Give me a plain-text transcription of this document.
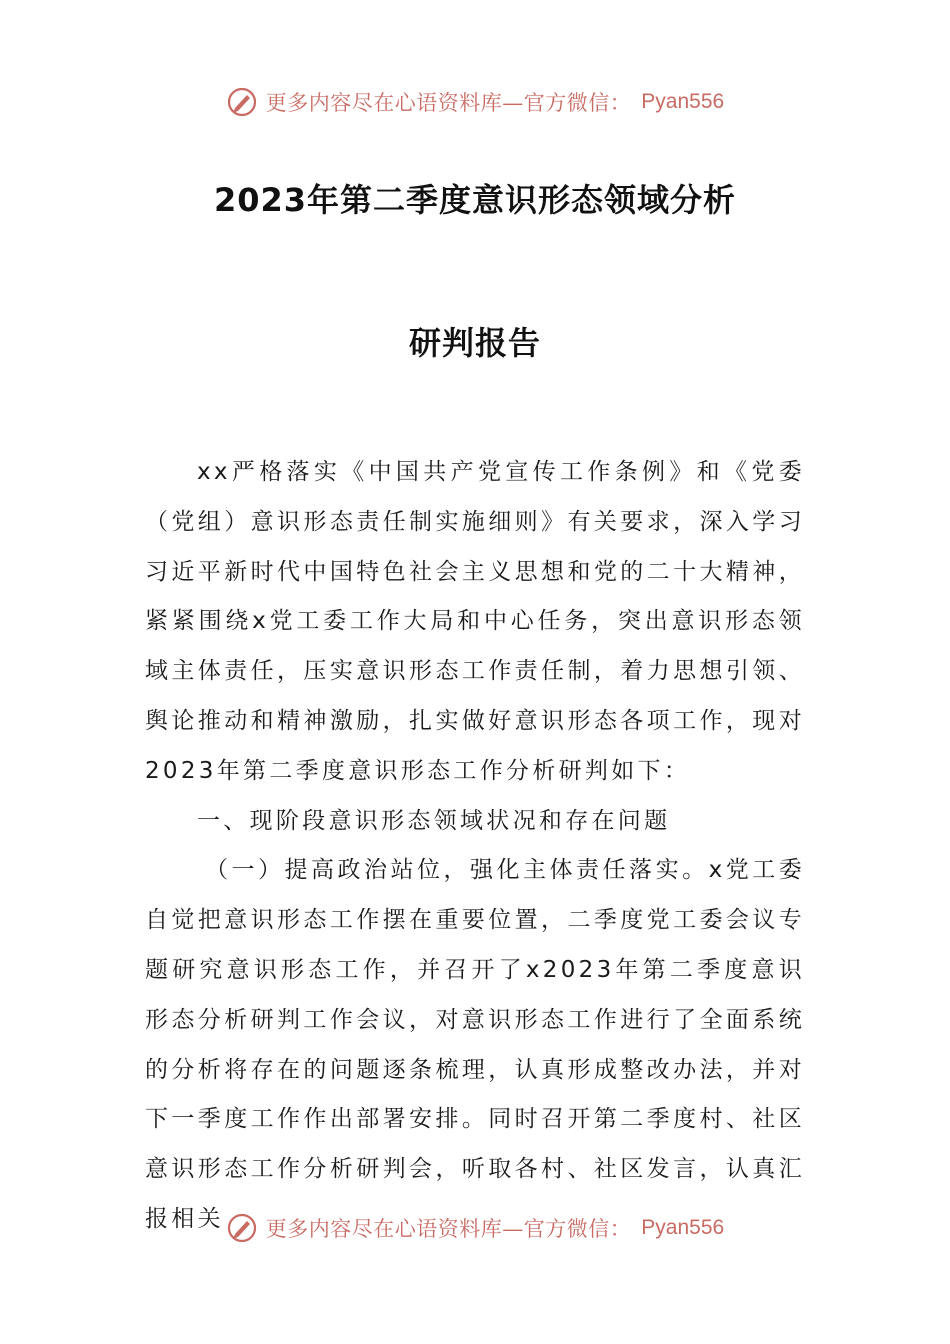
更多内容尽在心语资料库—官方微信： Pyan556
2023年第二季度意识形态领域分析
研判报告

xx严格落实《中国共产党宣传工作条例》和《党委（党组）意识形态责任制实施细则》有关要求，深入学习习近平新时代中国特色社会主义思想和党的二十大精神，紧紧围绕x党工委工作大局和中心任务，突出意识形态领域主体责任，压实意识形态工作责任制，着力思想引领、舆论推动和精神激励，扎实做好意识形态各项工作，现对2023年第二季度意识形态工作分析研判如下：

一、现阶段意识形态领域状况和存在问题

（一）提高政治站位，强化主体责任落实。x党工委自觉把意识形态工作摆在重要位置，二季度党工委会议专题研究意识形态工作，并召开了x2023年第二季度意识形态分析研判工作会议，对意识形态工作进行了全面系统的分析将存在的问题逐条梳理，认真形成整改办法，并对下一季度工作作出部署安排。同时召开第二季度村、社区意识形态工作分析研判会，听取各村、社区发言，认真汇报相关	更多内容尽在心语资料库—官方微信： Pyan556
